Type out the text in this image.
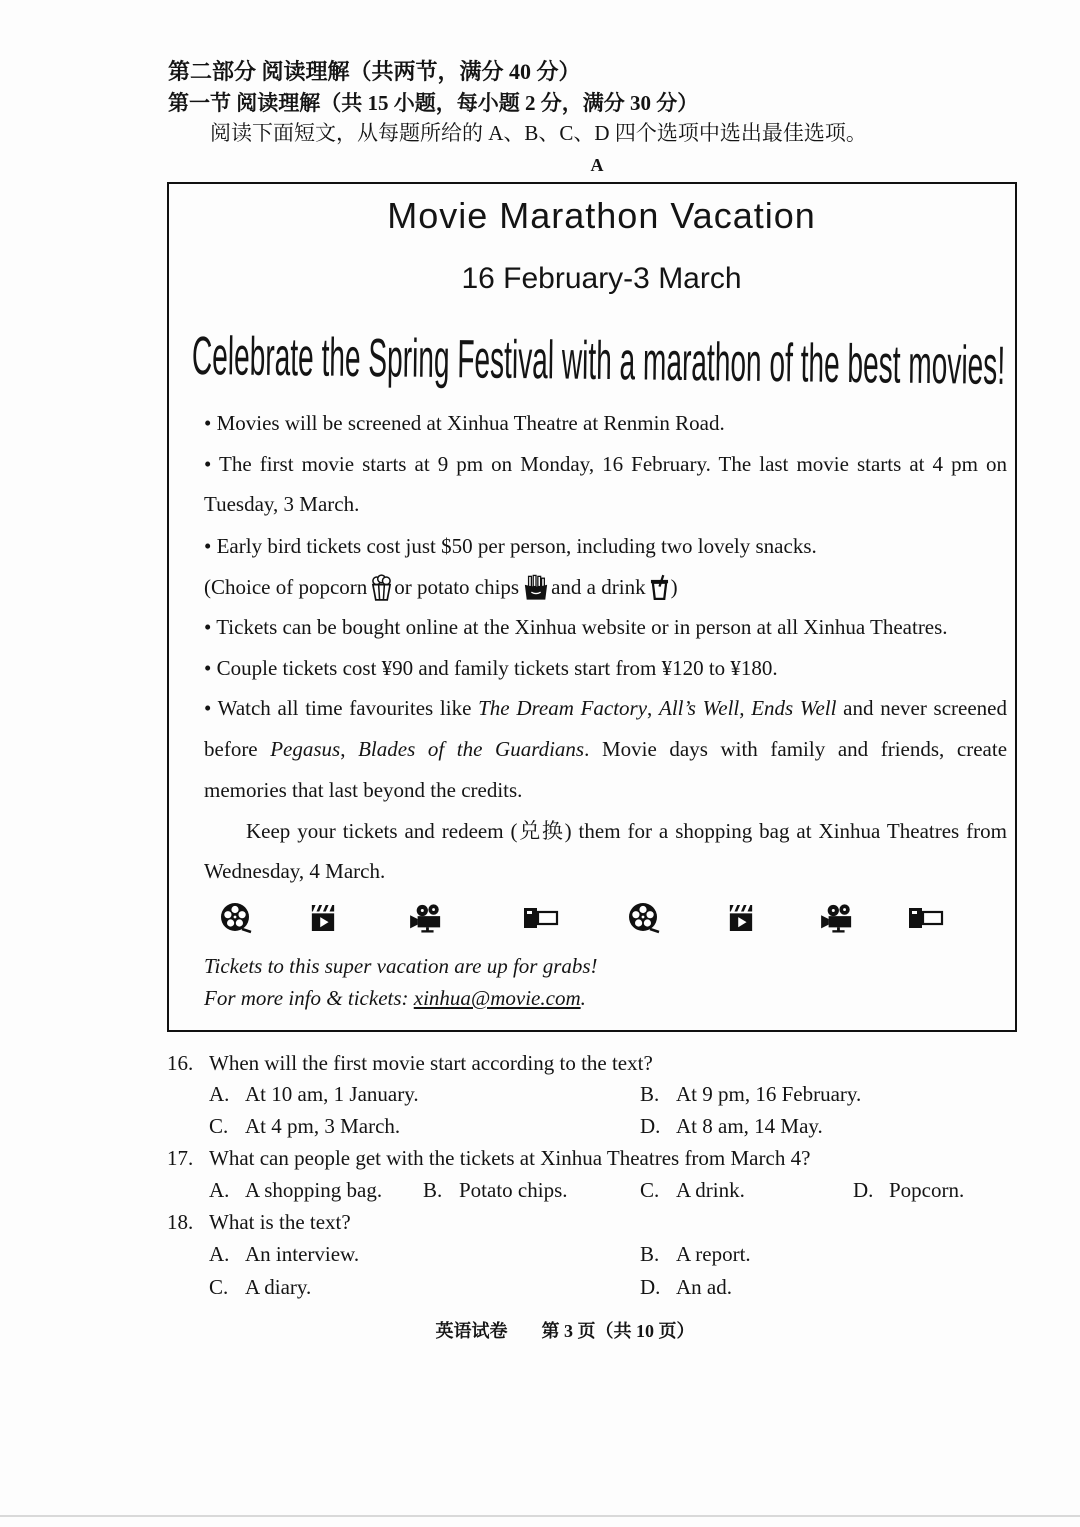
第二部分 阅读理解（共两节，满分 40 分）
第一节 阅读理解（共 15 小题，每小题 2 分，满分 30 分）
阅读下面短文，从每题所给的 A、B、C、D 四个选项中选出最佳选项。
A
Movie Marathon Vacation
16 February-3 March
Celebrate the Spring Festival with a marathon of the best movies!
• Movies will be screened at Xinhua Theatre at Renmin Road.
• The first movie starts at 9 pm on Monday, 16 February. The last movie starts at 4 pm on
Tuesday, 3 March.
• Early bird tickets cost just $50 per person, including two lovely snacks.
(Choice of popcorn or potato chips and a drink )
• Tickets can be bought online at the Xinhua website or in person at all Xinhua Theatres.
• Couple tickets cost ¥90 and family tickets start from ¥120 to ¥180.
• Watch all time favourites like The Dream Factory, All’s Well, Ends Well and never screened
before Pegasus, Blades of the Guardians. Movie days with family and friends, create
memories that last beyond the credits.
Keep your tickets and redeem (兑换) them for a shopping bag at Xinhua Theatres from
Wednesday, 4 March.
Tickets to this super vacation are up for grabs!
For more info & tickets: xinhua@movie.com.
16. When will the first movie start according to the text?
A. At 10 am, 1 January.	B. At 9 pm, 16 February.
C. At 4 pm, 3 March.	D. At 8 am, 14 May.
17. What can people get with the tickets at Xinhua Theatres from March 4?
A. A shopping bag. B. Potato chips.	C. A drink.	D. Popcorn.
18. What is the text?
A. An interview.	B. A report.
C. A diary.	D. An ad.
英语试卷 第 3 页（共 10 页）
